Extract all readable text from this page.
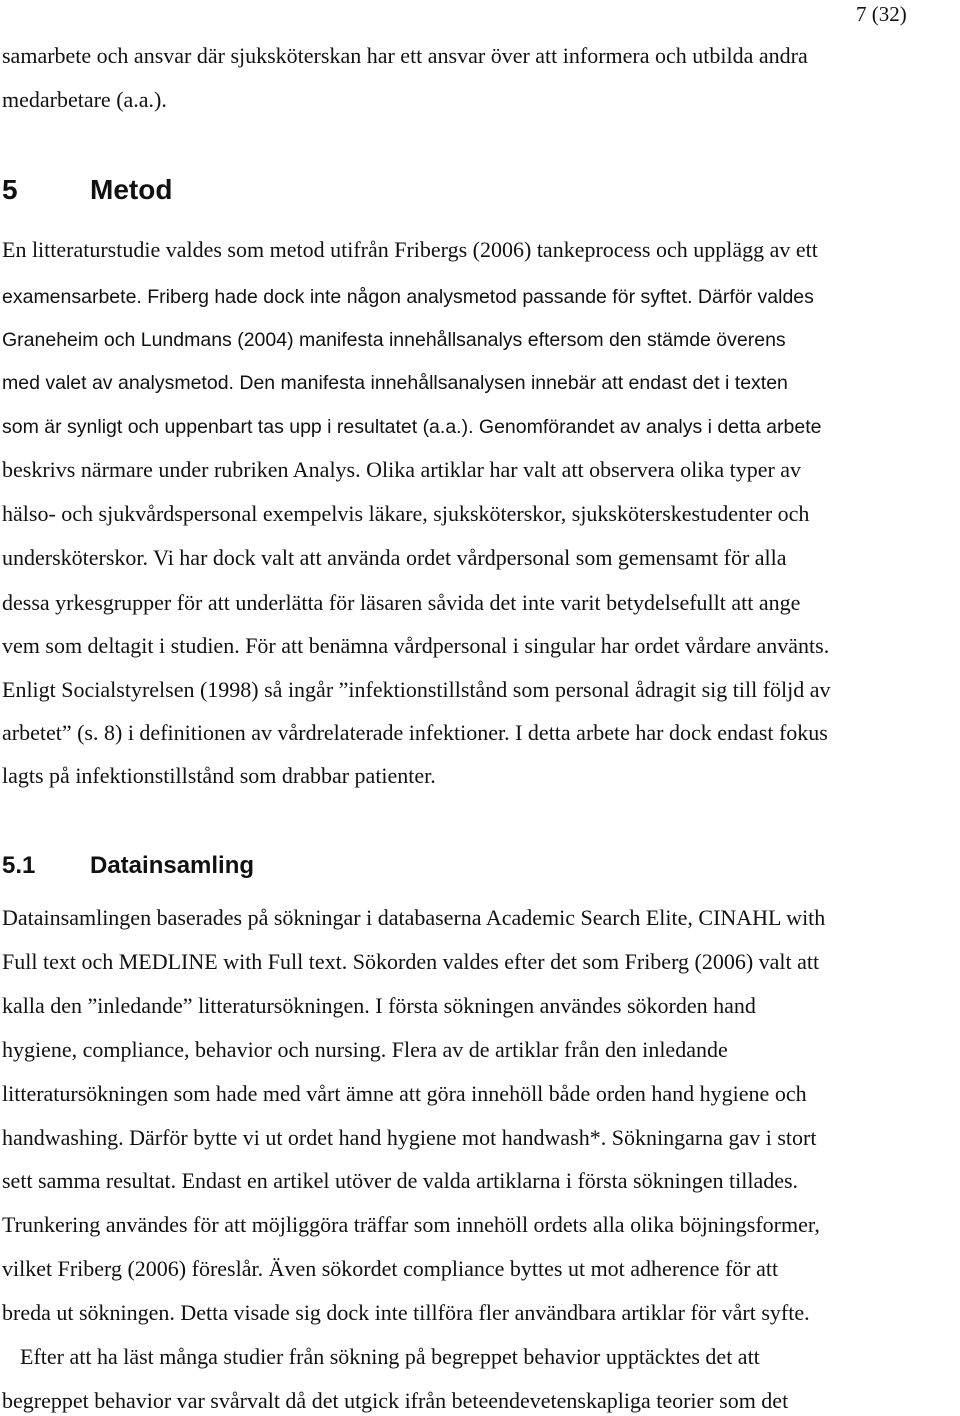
7 (32)
samarbete och ansvar där sjuksköterskan har ett ansvar över att informera och utbilda andra
medarbetare (a.a.).
5	Metod
En litteraturstudie valdes som metod utifrån Fribergs (2006) tankeprocess och upplägg av ett
examensarbete. Friberg hade dock inte någon analysmetod passande för syftet. Därför valdes
Graneheim och Lundmans (2004) manifesta innehållsanalys eftersom den stämde överens
med valet av analysmetod. Den manifesta innehållsanalysen innebär att endast det i texten
som är synligt och uppenbart tas upp i resultatet (a.a.). Genomförandet av analys i detta arbete
beskrivs närmare under rubriken Analys. Olika artiklar har valt att observera olika typer av
hälso- och sjukvårdspersonal exempelvis läkare, sjuksköterskor, sjuksköterskestudenter och
undersköterskor. Vi har dock valt att använda ordet vårdpersonal som gemensamt för alla
dessa yrkesgrupper för att underlätta för läsaren såvida det inte varit betydelsefullt att ange
vem som deltagit i studien. För att benämna vårdpersonal i singular har ordet vårdare använts.
Enligt Socialstyrelsen (1998) så ingår ”infektionstillstånd som personal ådragit sig till följd av
arbetet” (s. 8) i definitionen av vårdrelaterade infektioner. I detta arbete har dock endast fokus
lagts på infektionstillstånd som drabbar patienter.
5.1 Datainsamling
Datainsamlingen baserades på sökningar i databaserna Academic Search Elite, CINAHL with
Full text och MEDLINE with Full text. Sökorden valdes efter det som Friberg (2006) valt att
kalla den ”inledande” litteratursökningen. I första sökningen användes sökorden hand
hygiene, compliance, behavior och nursing. Flera av de artiklar från den inledande
litteratursökningen som hade med vårt ämne att göra innehöll både orden hand hygiene och
handwashing. Därför bytte vi ut ordet hand hygiene mot handwash*. Sökningarna gav i stort
sett samma resultat. Endast en artikel utöver de valda artiklarna i första sökningen tillades.
Trunkering användes för att möjliggöra träffar som innehöll ordets alla olika böjningsformer,
vilket Friberg (2006) föreslår. Även sökordet compliance byttes ut mot adherence för att
breda ut sökningen. Detta visade sig dock inte tillföra fler användbara artiklar för vårt syfte.
Efter att ha läst många studier från sökning på begreppet behavior upptäcktes det att
begreppet behavior var svårvalt då det utgick ifrån beteendevetenskapliga teorier som det
